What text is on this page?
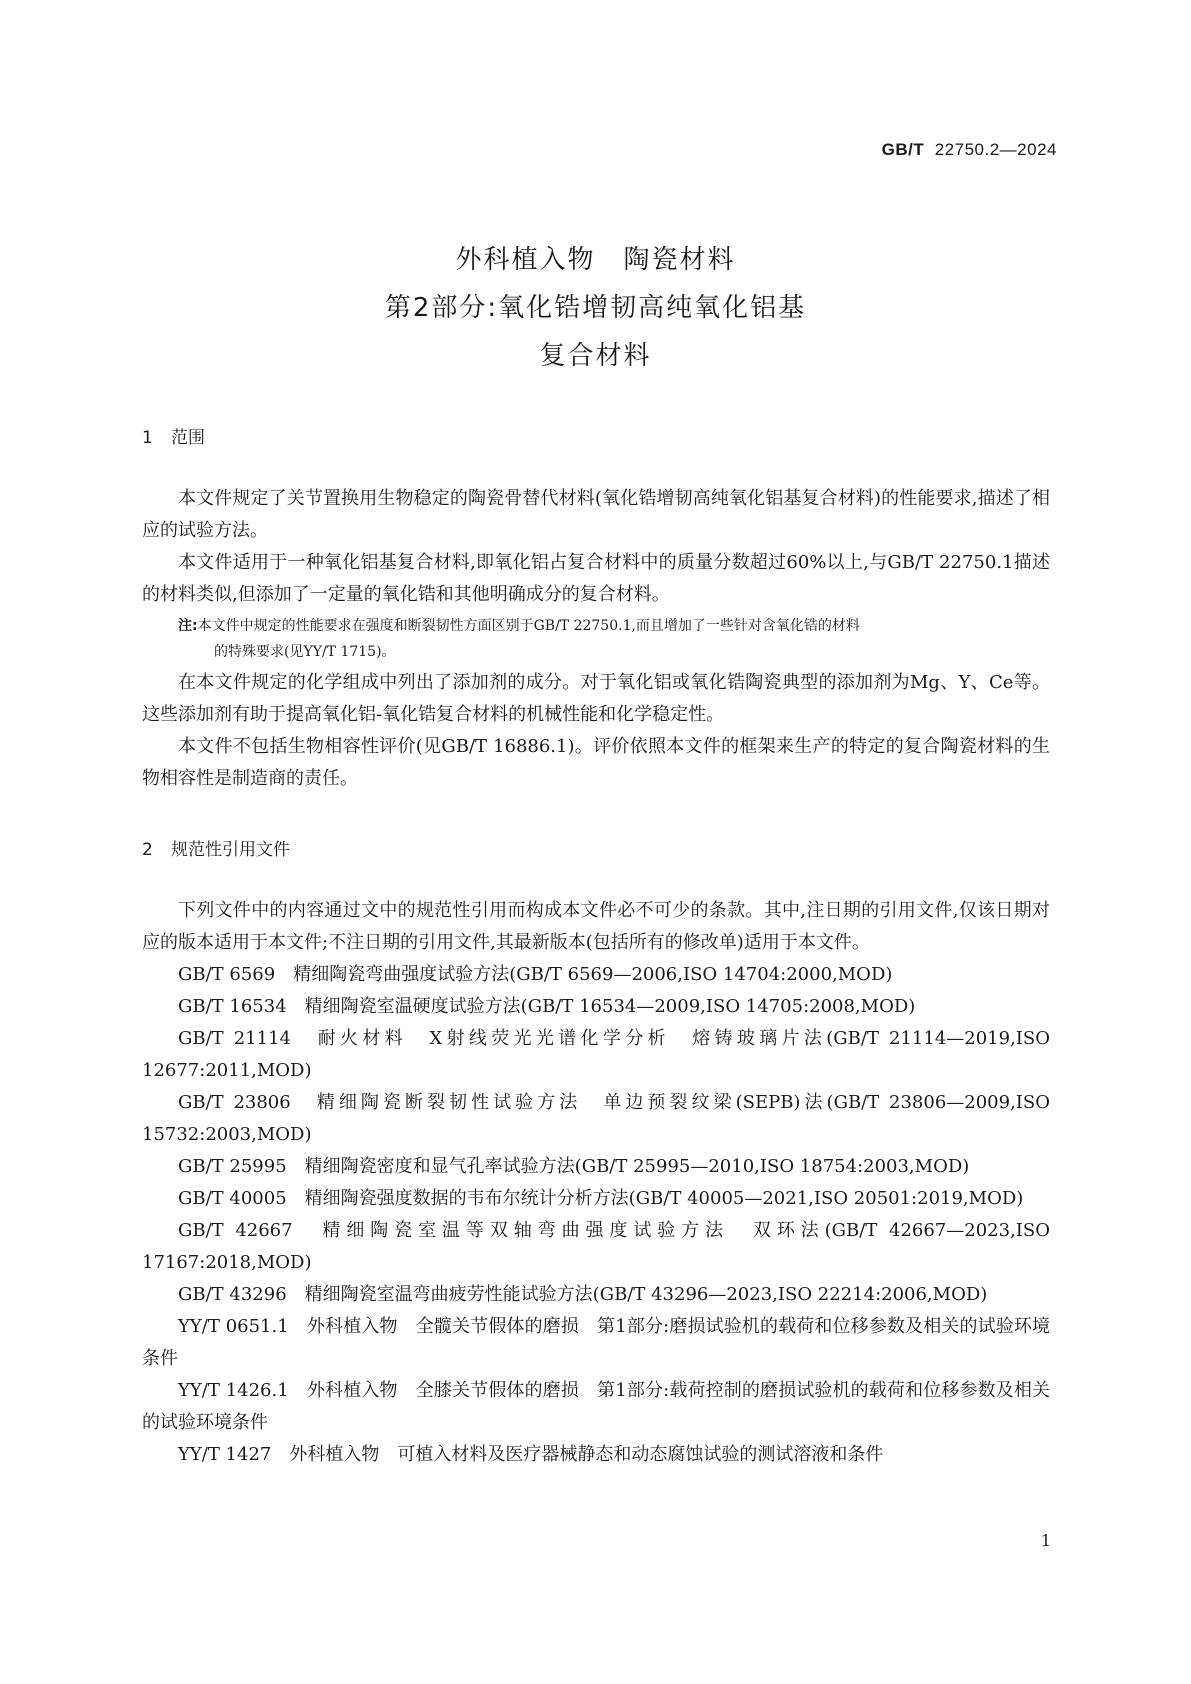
GB/T 22750.2—2024
外科植入物　陶瓷材料
第2部分:氧化锆增韧高纯氧化铝基
复合材料
1 范围

本文件规定了关节置换用生物稳定的陶瓷骨替代材料(氧化锆增韧高纯氧化铝基复合材料)的性能要求,描述了相应的试验方法。

本文件适用于一种氧化铝基复合材料,即氧化铝占复合材料中的质量分数超过60%以上,与GB/T 22750.1描述的材料类似,但添加了一定量的氧化锆和其他明确成分的复合材料。

注:本文件中规定的性能要求在强度和断裂韧性方面区别于GB/T 22750.1,而且增加了一些针对含氧化锆的材料
的特殊要求(见YY/T 1715)。

在本文件规定的化学组成中列出了添加剂的成分。对于氧化铝或氧化锆陶瓷典型的添加剂为Mg、Y、Ce等。这些添加剂有助于提高氧化铝-氧化锆复合材料的机械性能和化学稳定性。

本文件不包括生物相容性评价(见GB/T 16886.1)。评价依照本文件的框架来生产的特定的复合陶瓷材料的生物相容性是制造商的责任。

2 规范性引用文件

下列文件中的内容通过文中的规范性引用而构成本文件必不可少的条款。其中,注日期的引用文件,仅该日期对应的版本适用于本文件;不注日期的引用文件,其最新版本(包括所有的修改单)适用于本文件。

GB/T 6569　 精细陶瓷弯曲强度试验方法(GB/T 6569—2006,ISO 14704:2000,MOD)

GB/T 16534　 精细陶瓷室温硬度试验方法(GB/T 16534—2009,ISO 14705:2008,MOD)

GB/T 21114　 耐火材料　X射线荧光光谱化学分析　熔铸玻璃片法(GB/T 21114—2019,ISO 12677:2011,MOD)

GB/T 23806　 精细陶瓷断裂韧性试验方法　单边预裂纹梁(SEPB)法(GB/T 23806—2009,ISO 15732:2003,MOD)

GB/T 25995　 精细陶瓷密度和显气孔率试验方法(GB/T 25995—2010,ISO 18754:2003,MOD)

GB/T 40005　 精细陶瓷强度数据的韦布尔统计分析方法(GB/T 40005—2021,ISO 20501:2019,MOD)

GB/T 42667　 精细陶瓷室温等双轴弯曲强度试验方法　双环法(GB/T 42667—2023,ISO 17167:2018,MOD)

GB/T 43296　 精细陶瓷室温弯曲疲劳性能试验方法(GB/T 43296—2023,ISO 22214:2006,MOD)

YY/T 0651.1　 外科植入物　全髋关节假体的磨损　第1部分:磨损试验机的载荷和位移参数及相关的试验环境条件

YY/T 1426.1　 外科植入物　全膝关节假体的磨损　第1部分:载荷控制的磨损试验机的载荷和位移参数及相关的试验环境条件

YY/T 1427　 外科植入物　可植入材料及医疗器械静态和动态腐蚀试验的测试溶液和条件

1
